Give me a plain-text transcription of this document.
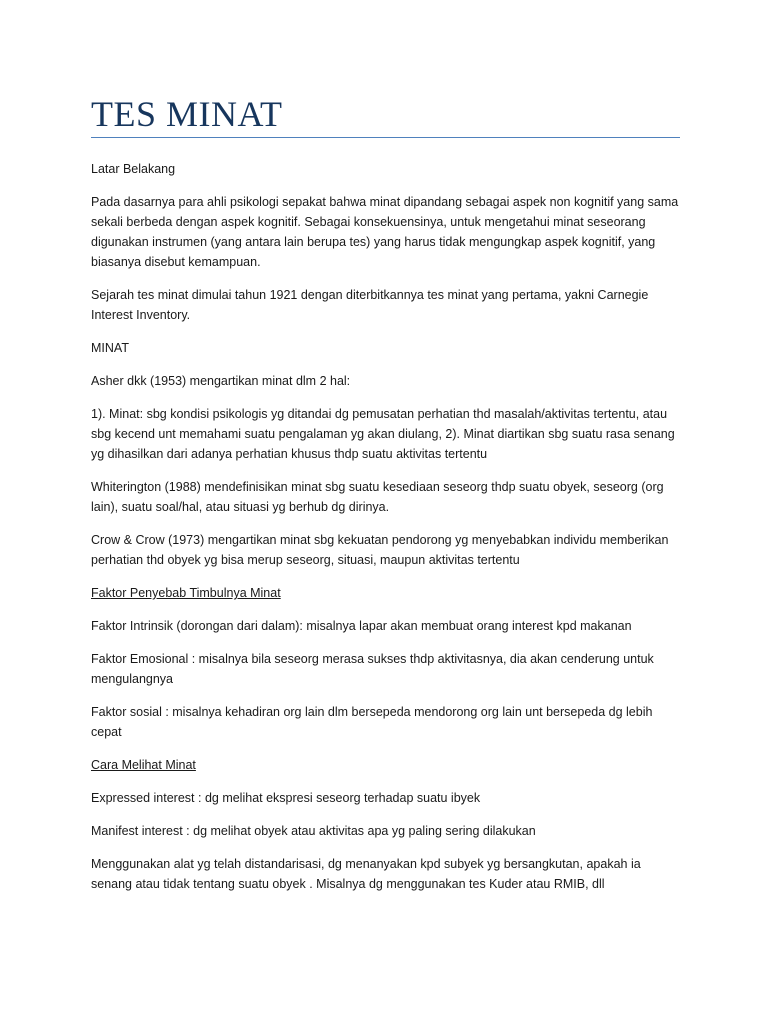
TES MINAT

Latar Belakang

Pada dasarnya para ahli psikologi sepakat bahwa minat dipandang sebagai aspek non kognitif yang sama sekali berbeda dengan aspek kognitif. Sebagai konsekuensinya, untuk mengetahui minat seseorang digunakan instrumen (yang antara lain berupa tes) yang harus tidak mengungkap aspek kognitif, yang biasanya disebut kemampuan.

Sejarah tes minat dimulai tahun 1921 dengan diterbitkannya tes minat yang pertama, yakni Carnegie Interest Inventory.

MINAT

Asher dkk (1953) mengartikan minat dlm 2 hal:

1). Minat: sbg kondisi psikologis yg ditandai dg pemusatan perhatian thd masalah/aktivitas tertentu, atau sbg kecend unt memahami suatu pengalaman yg akan diulang, 2). Minat diartikan sbg suatu rasa senang yg dihasilkan dari adanya perhatian khusus thdp suatu aktivitas tertentu

Whiterington (1988) mendefinisikan minat sbg suatu kesediaan seseorg thdp suatu obyek, seseorg (org lain), suatu soal/hal, atau situasi yg berhub dg dirinya.

Crow & Crow (1973) mengartikan minat sbg kekuatan pendorong yg menyebabkan individu memberikan perhatian thd obyek yg bisa merup seseorg, situasi, maupun aktivitas tertentu

Faktor Penyebab Timbulnya Minat

Faktor Intrinsik (dorongan dari dalam): misalnya lapar akan membuat orang interest kpd makanan

Faktor Emosional : misalnya bila seseorg merasa sukses thdp aktivitasnya, dia akan cenderung untuk mengulangnya

Faktor sosial : misalnya kehadiran org lain dlm bersepeda mendorong org lain unt bersepeda dg lebih cepat

Cara Melihat Minat

Expressed interest : dg melihat ekspresi seseorg terhadap suatu ibyek

Manifest interest : dg melihat obyek atau aktivitas apa yg paling sering dilakukan

Menggunakan alat yg telah distandarisasi, dg menanyakan kpd subyek yg bersangkutan, apakah ia senang atau tidak tentang suatu obyek . Misalnya dg menggunakan tes Kuder atau RMIB, dll
